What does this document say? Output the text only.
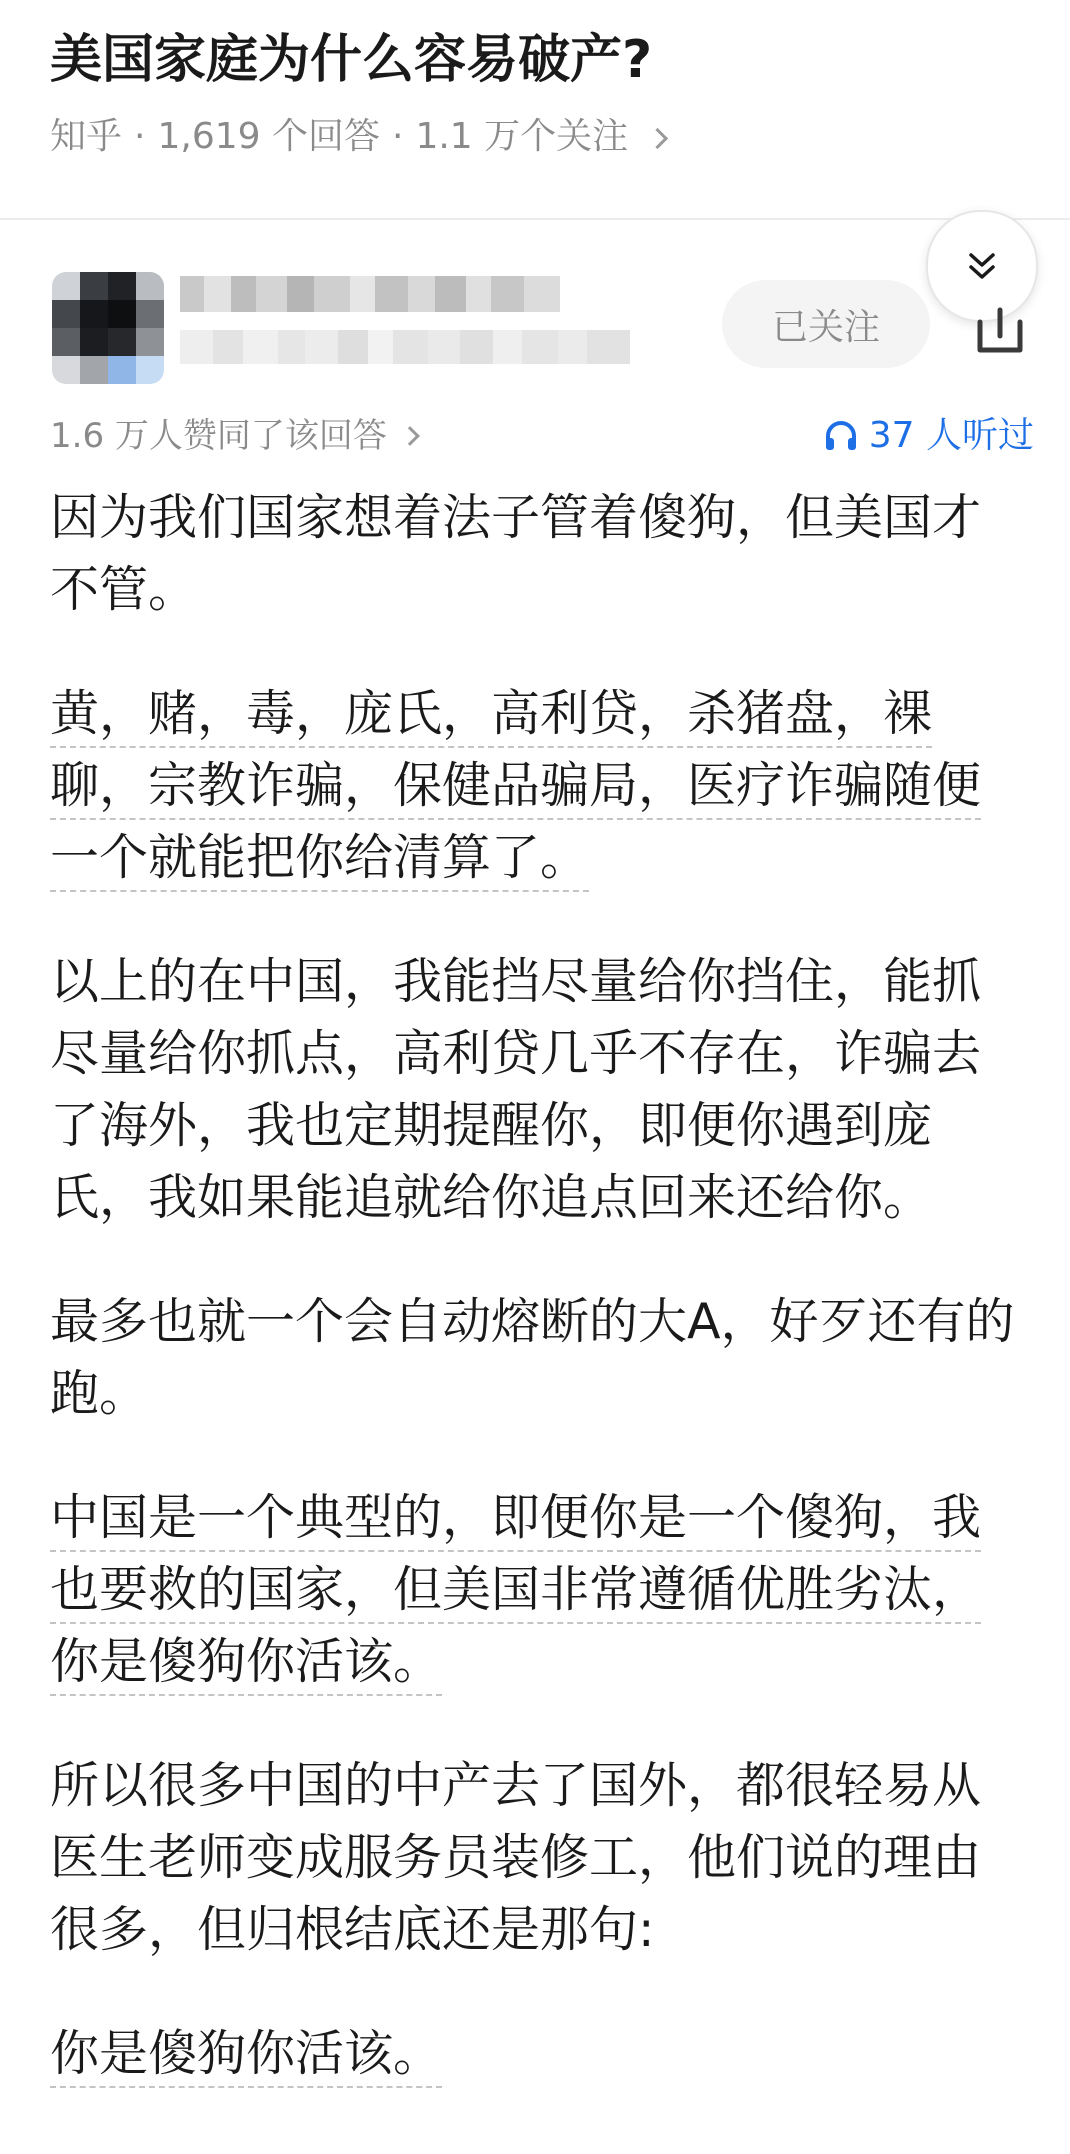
美国家庭为什么容易破产?
知乎 · 1,619 个回答 · 1.1 万个关注
已关注
1.6 万人赞同了该回答	37 人听过

因为我们国家想着法子管着傻狗，但美国才不管。

黄，赌，毒，庞氏，高利贷，杀猪盘，裸聊，宗教诈骗，保健品骗局，医疗诈骗随便一个就能把你给清算了。

以上的在中国，我能挡尽量给你挡住，能抓尽量给你抓点，高利贷几乎不存在，诈骗去了海外，我也定期提醒你，即便你遇到庞氏，我如果能追就给你追点回来还给你。

最多也就一个会自动熔断的大A，好歹还有的跑。

中国是一个典型的，即便你是一个傻狗，我也要救的国家，但美国非常遵循优胜劣汰，你是傻狗你活该。

所以很多中国的中产去了国外，都很轻易从医生老师变成服务员装修工，他们说的理由很多，但归根结底还是那句:

你是傻狗你活该。
